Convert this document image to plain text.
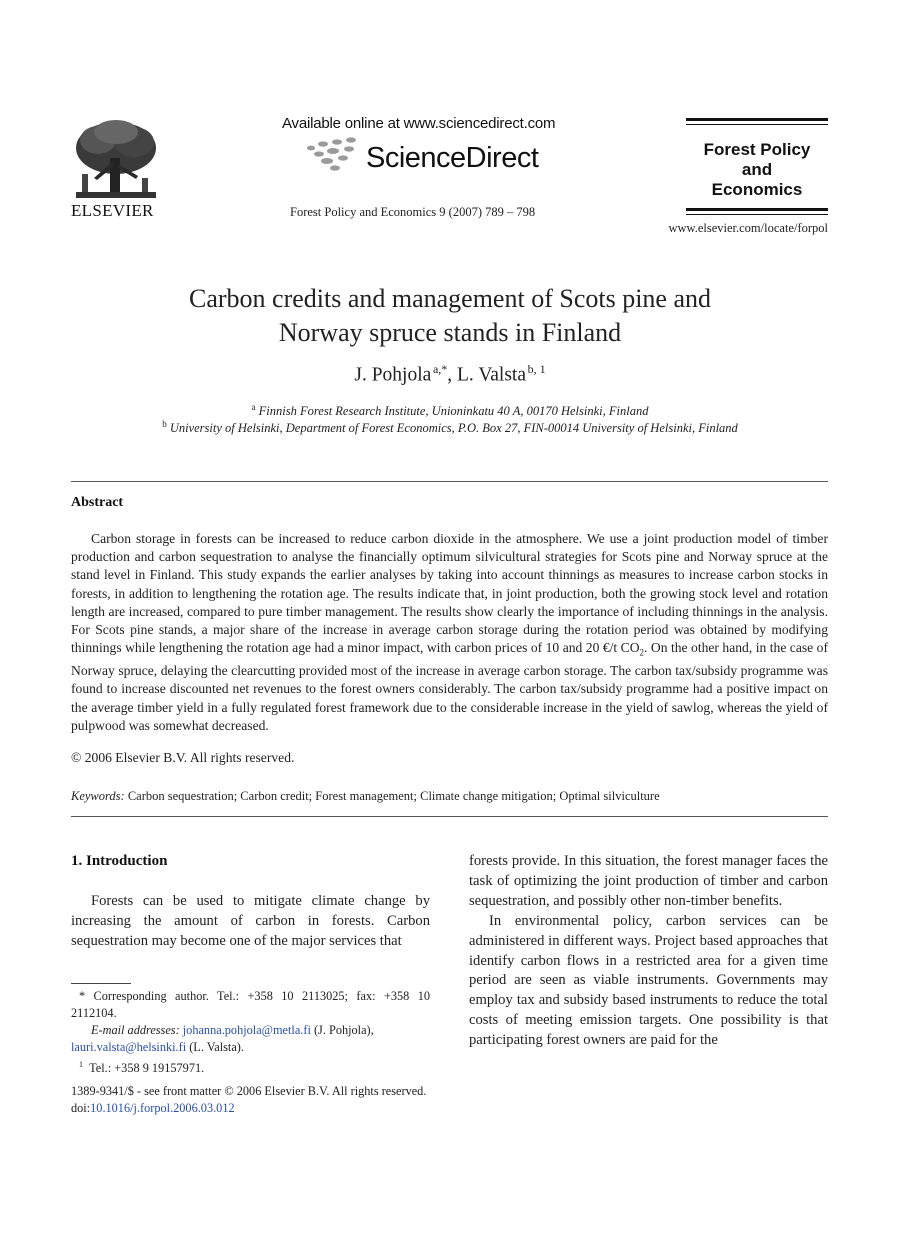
ELSEVIER
Available online at www.sciencedirect.com
ScienceDirect
Forest Policy and Economics 9 (2007) 789 – 798
Forest Policy
and
Economics
www.elsevier.com/locate/forpol
Carbon credits and management of Scots pine and
Norway spruce stands in Finland
J. Pohjola  $^{a,*}$, L. Valsta  $^{b, 1}$
$^a$ Finnish Forest Research Institute, Unioninkatu 40 A, 00170 Helsinki, Finland
$^b$ University of Helsinki, Department of Forest Economics, P.O. Box 27, FIN-00014 University of Helsinki, Finland
Abstract

Carbon storage in forests can be increased to reduce carbon dioxide in the atmosphere. We use a joint production model of timber production and carbon sequestration to analyse the financially optimum silvicultural strategies for Scots pine and Norway spruce at the stand level in Finland. This study expands the earlier analyses by taking into account thinnings as measures to increase carbon stocks in forests, in addition to lengthening the rotation age. The results indicate that, in joint production, both the growing stock level and rotation length are increased, compared to pure timber management. The results show clearly the importance of including thinnings in the analysis. For Scots pine stands, a major share of the increase in average carbon storage during the rotation period was obtained by modifying thinnings while lengthening the rotation age had a minor impact, with carbon prices of 10 and 20 €/t $CO_2$. On the other hand, in the case of Norway spruce, delaying the clearcutting provided most of the increase in average carbon storage. The carbon tax/subsidy programme was found to increase discounted net revenues to the forest owners considerably. The carbon tax/subsidy programme had a positive impact on the average timber yield in a fully regulated forest framework due to the considerable increase in the yield of sawlog, whereas the yield of pulpwood was somewhat decreased.

© 2006 Elsevier B.V. All rights reserved.
Keywords: Carbon sequestration; Carbon credit; Forest management; Climate change mitigation; Optimal silviculture
1. Introduction

Forests can be used to mitigate climate change by increasing the amount of carbon in forests. Carbon sequestration may become one of the major services that

forests provide. In this situation, the forest manager faces the task of optimizing the joint production of timber and carbon sequestration, and possibly other non-timber benefits.

In environmental policy, carbon services can be administered in different ways. Project based approaches that identify carbon flows in a restricted area for a given time period are seen as viable instruments. Governments may employ tax and subsidy based instruments to reduce the total costs of meeting emission targets. One possibility is that participating forest owners are paid for the

* Corresponding author. Tel.: +358 10 2113025; fax: +358 10 2112104.

E-mail addresses: johanna.pohjola@metla.fi (J. Pohjola),
lauri.valsta@helsinki.fi (L. Valsta).

$^1$ Tel.: +358 9 19157971.

1389-9341/$ - see front matter © 2006 Elsevier B.V. All rights reserved.

doi:10.1016/j.forpol.2006.03.012
